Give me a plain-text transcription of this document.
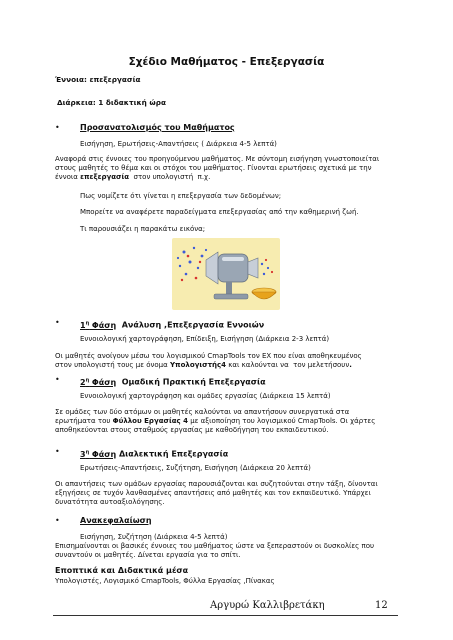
Σχέδιο Μαθήματος - Επεξεργασία
Έννοια: επεξεργασία
Διάρκεια: 1 διδακτική ώρα
•	Προσανατολισμός του Μαθήματος
Εισήγηση, Ερωτήσεις-Απαντήσεις ( Διάρκεια 4-5 λεπτά)
Αναφορά στις έννοιες του προηγούμενου μαθήματος. Με σύντομη εισήγηση γνωστοποιείται
στους μαθητές το θέμα και οι στόχοι του μαθήματος. Γίνονται ερωτήσεις σχετικά με την
έννοια επεξεργασία  στον υπολογιστή  π.χ.
Πως νομίζετε ότι γίνεται η επεξεργασία των δεδομένων;
Μπορείτε να αναφέρετε παραδείγματα επεξεργασίας από την καθημερινή ζωή.
Τι παρουσιάζει η παρακάτω εικόνα;
•	$1^\eta$ Φάση  Ανάλυση ,Επεξεργασία Εννοιών
Εννοιολογική χαρτογράφηση, Επίδειξη, Εισήγηση (Διάρκεια 2-3 λεπτά)
Οι μαθητές ανοίγουν μέσω του λογισμικού CmapTools τον ΕΧ που είναι αποθηκευμένος
στον υπολογιστή τους με όνομα Υπολογιστής4 και καλούνται να  τον μελετήσουν.
•	$2^\eta$ Φάση  Ομαδική Πρακτική Επεξεργασία
Εννοιολογική χαρτογράφηση και ομάδες εργασίας (Διάρκεια 15 λεπτά)
Σε ομάδες των δύο ατόμων οι μαθητές καλούνται να απαντήσουν συνεργατικά στα
ερωτήματα του Φύλλου Εργασίας 4 με αξιοποίηση του λογισμικού CmapTools. Οι χάρτες
αποθηκεύονται στους σταθμούς εργασίας με καθοδήγηση του εκπαιδευτικού.
•	$3^\eta$ Φάση Διαλεκτική Επεξεργασία
Ερωτήσεις-Απαντήσεις, Συζήτηση, Εισήγηση (Διάρκεια 20 λεπτά)
Οι απαντήσεις των ομάδων εργασίας παρουσιάζονται και συζητούνται στην τάξη, δίνονται
εξηγήσεις σε τυχόν λανθασμένες απαντήσεις από μαθητές και τον εκπαιδευτικό. Υπάρχει
δυνατότητα αυτοαξιολόγησης.
•	Ανακεφαλαίωση
Εισήγηση, Συζήτηση (Διάρκεια 4-5 λεπτά)
Επισημαίνονται οι βασικές έννοιες του μαθήματος ώστε να ξεπεραστούν οι δυσκολίες που
συναντούν οι μαθητές. Δίνεται εργασία για το σπίτι.
Εποπτικά και Διδακτικά μέσα
Υπολογιστές, Λογισμικό CmapTools, Φύλλα Εργασίας ,Πίνακας
Αργυρώ Καλλιβρετάκη	12
